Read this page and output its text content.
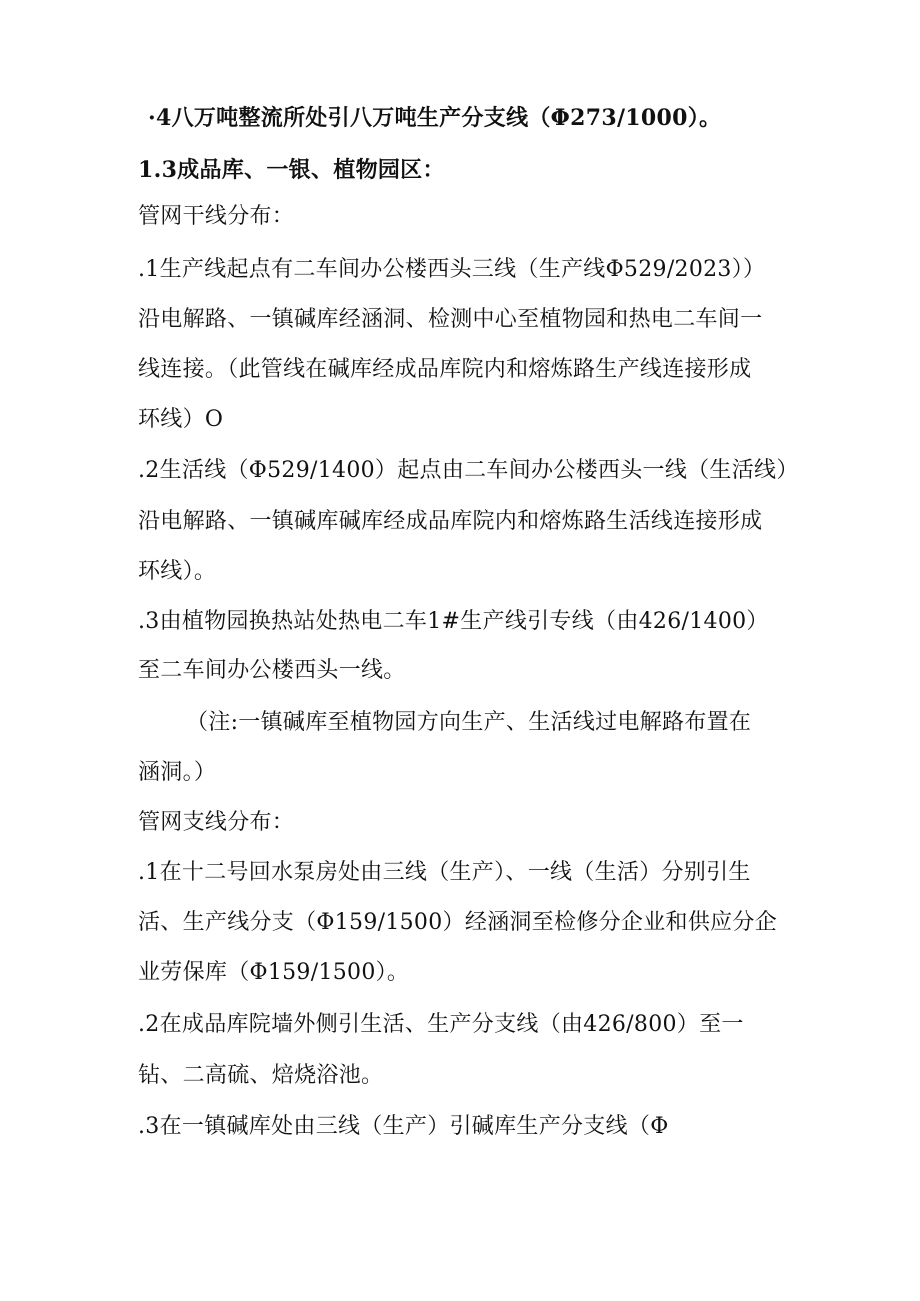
·4八万吨整流所处引八万吨生产分支线（Φ273/1000）。
1.3成品库、一银、植物园区：
管网干线分布：
.1生产线起点有二车间办公楼西头三线（生产线Φ529/2023））
沿电解路、一镇碱库经涵洞、检测中心至植物园和热电二车间一
线连接。（此管线在碱库经成品库院内和熔炼路生产线连接形成
环线）O
.2生活线（Φ529/1400）起点由二车间办公楼西头一线（生活线）
沿电解路、一镇碱库碱库经成品库院内和熔炼路生活线连接形成
环线）。
.3由植物园换热站处热电二车1#生产线引专线（由426/1400）
至二车间办公楼西头一线。
（注:一镇碱库至植物园方向生产、生活线过电解路布置在
涵洞。）
管网支线分布：
.1在十二号回水泵房处由三线（生产）、一线（生活）分别引生
活、生产线分支（Φ159/1500）经涵洞至检修分企业和供应分企
业劳保库（Φ159/1500）。
.2在成品库院墙外侧引生活、生产分支线（由426/800）至一
钻、二高硫、焙烧浴池。
.3在一镇碱库处由三线（生产）引碱库生产分支线（Φ
